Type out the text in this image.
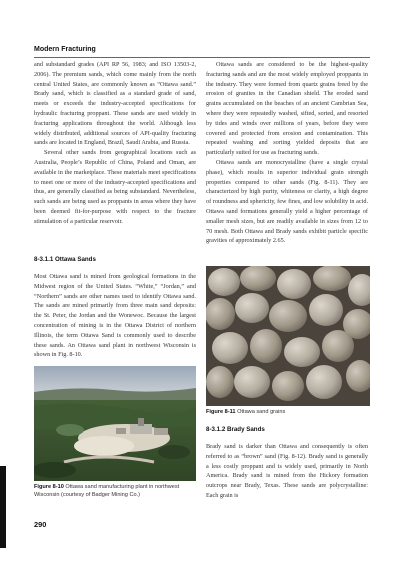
Modern Fracturing

and substandard grades (API RP 56, 1983; and ISO 13503-2, 2006). The premium sands, which come mainly from the north central United States, are commonly known as “Ottawa sand.” Brady sand, which is classified as a standard grade of sand, meets or exceeds the industry-accepted specifications for hydraulic fracturing proppant. These sands are used widely in fracturing applications throughout the world. Although less widely distributed, additional sources of API-quality fracturing sands are located in England, Brazil, Saudi Arabia, and Russia.

Several other sands from geographical locations such as Australia, People’s Republic of China, Poland and Oman, are available in the marketplace. These materials meet specifications to meet one or more of the industry-accepted specifications and thus, are generally classified as being substandard. Nevertheless, such sands are being used as proppants in areas where they have been deemed fit-for-purpose with respect to the fracture stimulation of a particular reservoir.

8-3.1.1 Ottawa Sands

Most Ottawa sand is mined from geological formations in the Midwest region of the United States. “White,” “Jordan,” and “Northern” sands are other names used to identify Ottawa sand. The sands are mined primarily from three main sand deposits: the St. Peter, the Jordan and the Wonewoc. Because the largest concentration of mining is in the Ottawa District of northern Illinois, the term Ottawa Sand is commonly used to describe these sands. An Ottawa sand plant in northwest Wisconsin is shown in Fig. 8-10.

Figure 8-10 Ottawa sand manufacturing plant in northwest Wisconsin (courtesy of Badger Mining Co.)

Ottawa sands are considered to be the highest-quality fracturing sands and are the most widely employed proppants in the industry. They were formed from quartz grains freed by the erosion of granites in the Canadian shield. The eroded sand grains accumulated on the beaches of an ancient Cambrian Sea, where they were repeatedly washed, sifted, sorted, and resorted by tides and winds over millions of years, before they were covered and protected from erosion and contamination. This repeated washing and sorting yielded deposits that are particularly suited for use as fracturing sands.

Ottawa sands are monocrystalline (have a single crystal phase), which results in superior individual grain strength properties compared to other sands (Fig. 8-11). They are characterized by high purity, whiteness or clarity, a high degree of roundness and sphericity, few fines, and low solubility in acid. Ottawa sand formations generally yield a higher percentage of smaller mesh sizes, but are readily available in sizes from 12 to 70 mesh. Both Ottawa and Brady sands exhibit particle specific gravities of approximately 2.65.

Figure 8-11 Ottawa sand grains
8-3.1.2 Brady Sands

Brady sand is darker than Ottawa and consequently is often referred to as “brown” sand (Fig. 8-12). Brady sand is generally a less costly proppant and is widely used, primarily in North America. Brady sand is mined from the Hickory formation outcrops near Brady, Texas. These sands are polycrystalline: Each grain is

290
